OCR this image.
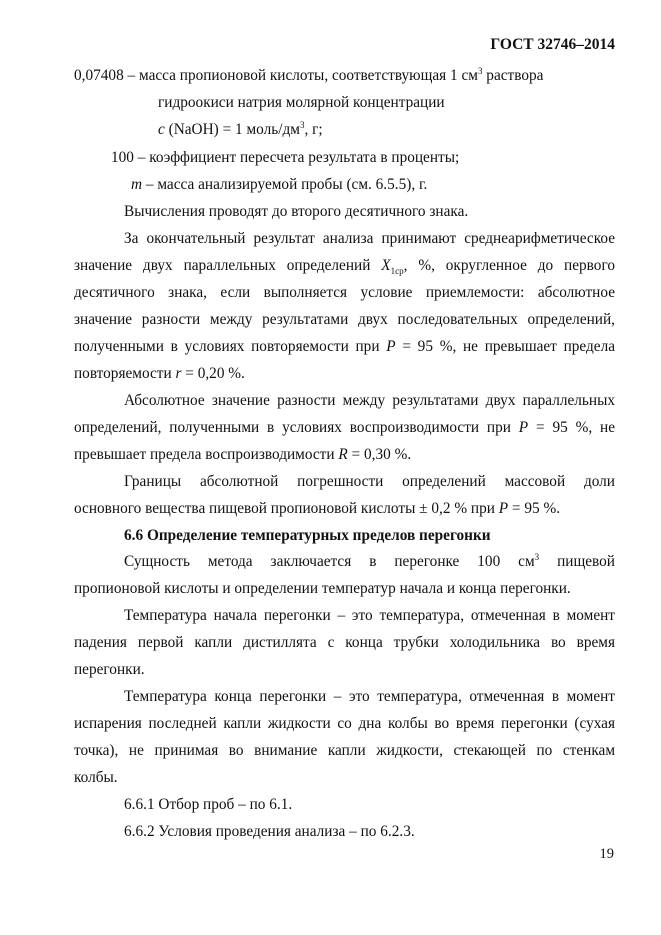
ГОСТ 32746–2014
0,07408 – масса пропионовой кислоты, соответствующая 1 $см^3$ раствора
гидроокиси натрия молярной концентрации
c (NaOH) = 1 моль/$дм^3$, г;
100 – коэффициент пересчета результата в проценты;
m – масса анализируемой пробы (см. 6.5.5), г.
Вычисления проводят до второго десятичного знака.
За окончательный результат анализа принимают среднеарифметическое
значение двух параллельных определений $X_{1ср}$, %, округленное до первого
десятичного знака, если выполняется условие приемлемости: абсолютное
значение разности между результатами двух последовательных определений,
полученными в условиях повторяемости при P = 95 %, не превышает предела
повторяемости r = 0,20 %.
Абсолютное значение разности между результатами двух параллельных
определений, полученными в условиях воспроизводимости при P = 95 %, не
превышает предела воспроизводимости R = 0,30 %.
Границы абсолютной погрешности определений массовой доли
основного вещества пищевой пропионовой кислоты ± 0,2 % при P = 95 %.
6.6 Определение температурных пределов перегонки
Сущность метода заключается в перегонке 100 $см^3$ пищевой
пропионовой кислоты и определении температур начала и конца перегонки.
Температура начала перегонки – это температура, отмеченная в момент
падения первой капли дистиллята с конца трубки холодильника во время
перегонки.
Температура конца перегонки – это температура, отмеченная в момент
испарения последней капли жидкости со дна колбы во время перегонки (сухая
точка), не принимая во внимание капли жидкости, стекающей по стенкам
колбы.
6.6.1 Отбор проб – по 6.1.
6.6.2 Условия проведения анализа – по 6.2.3.
19
